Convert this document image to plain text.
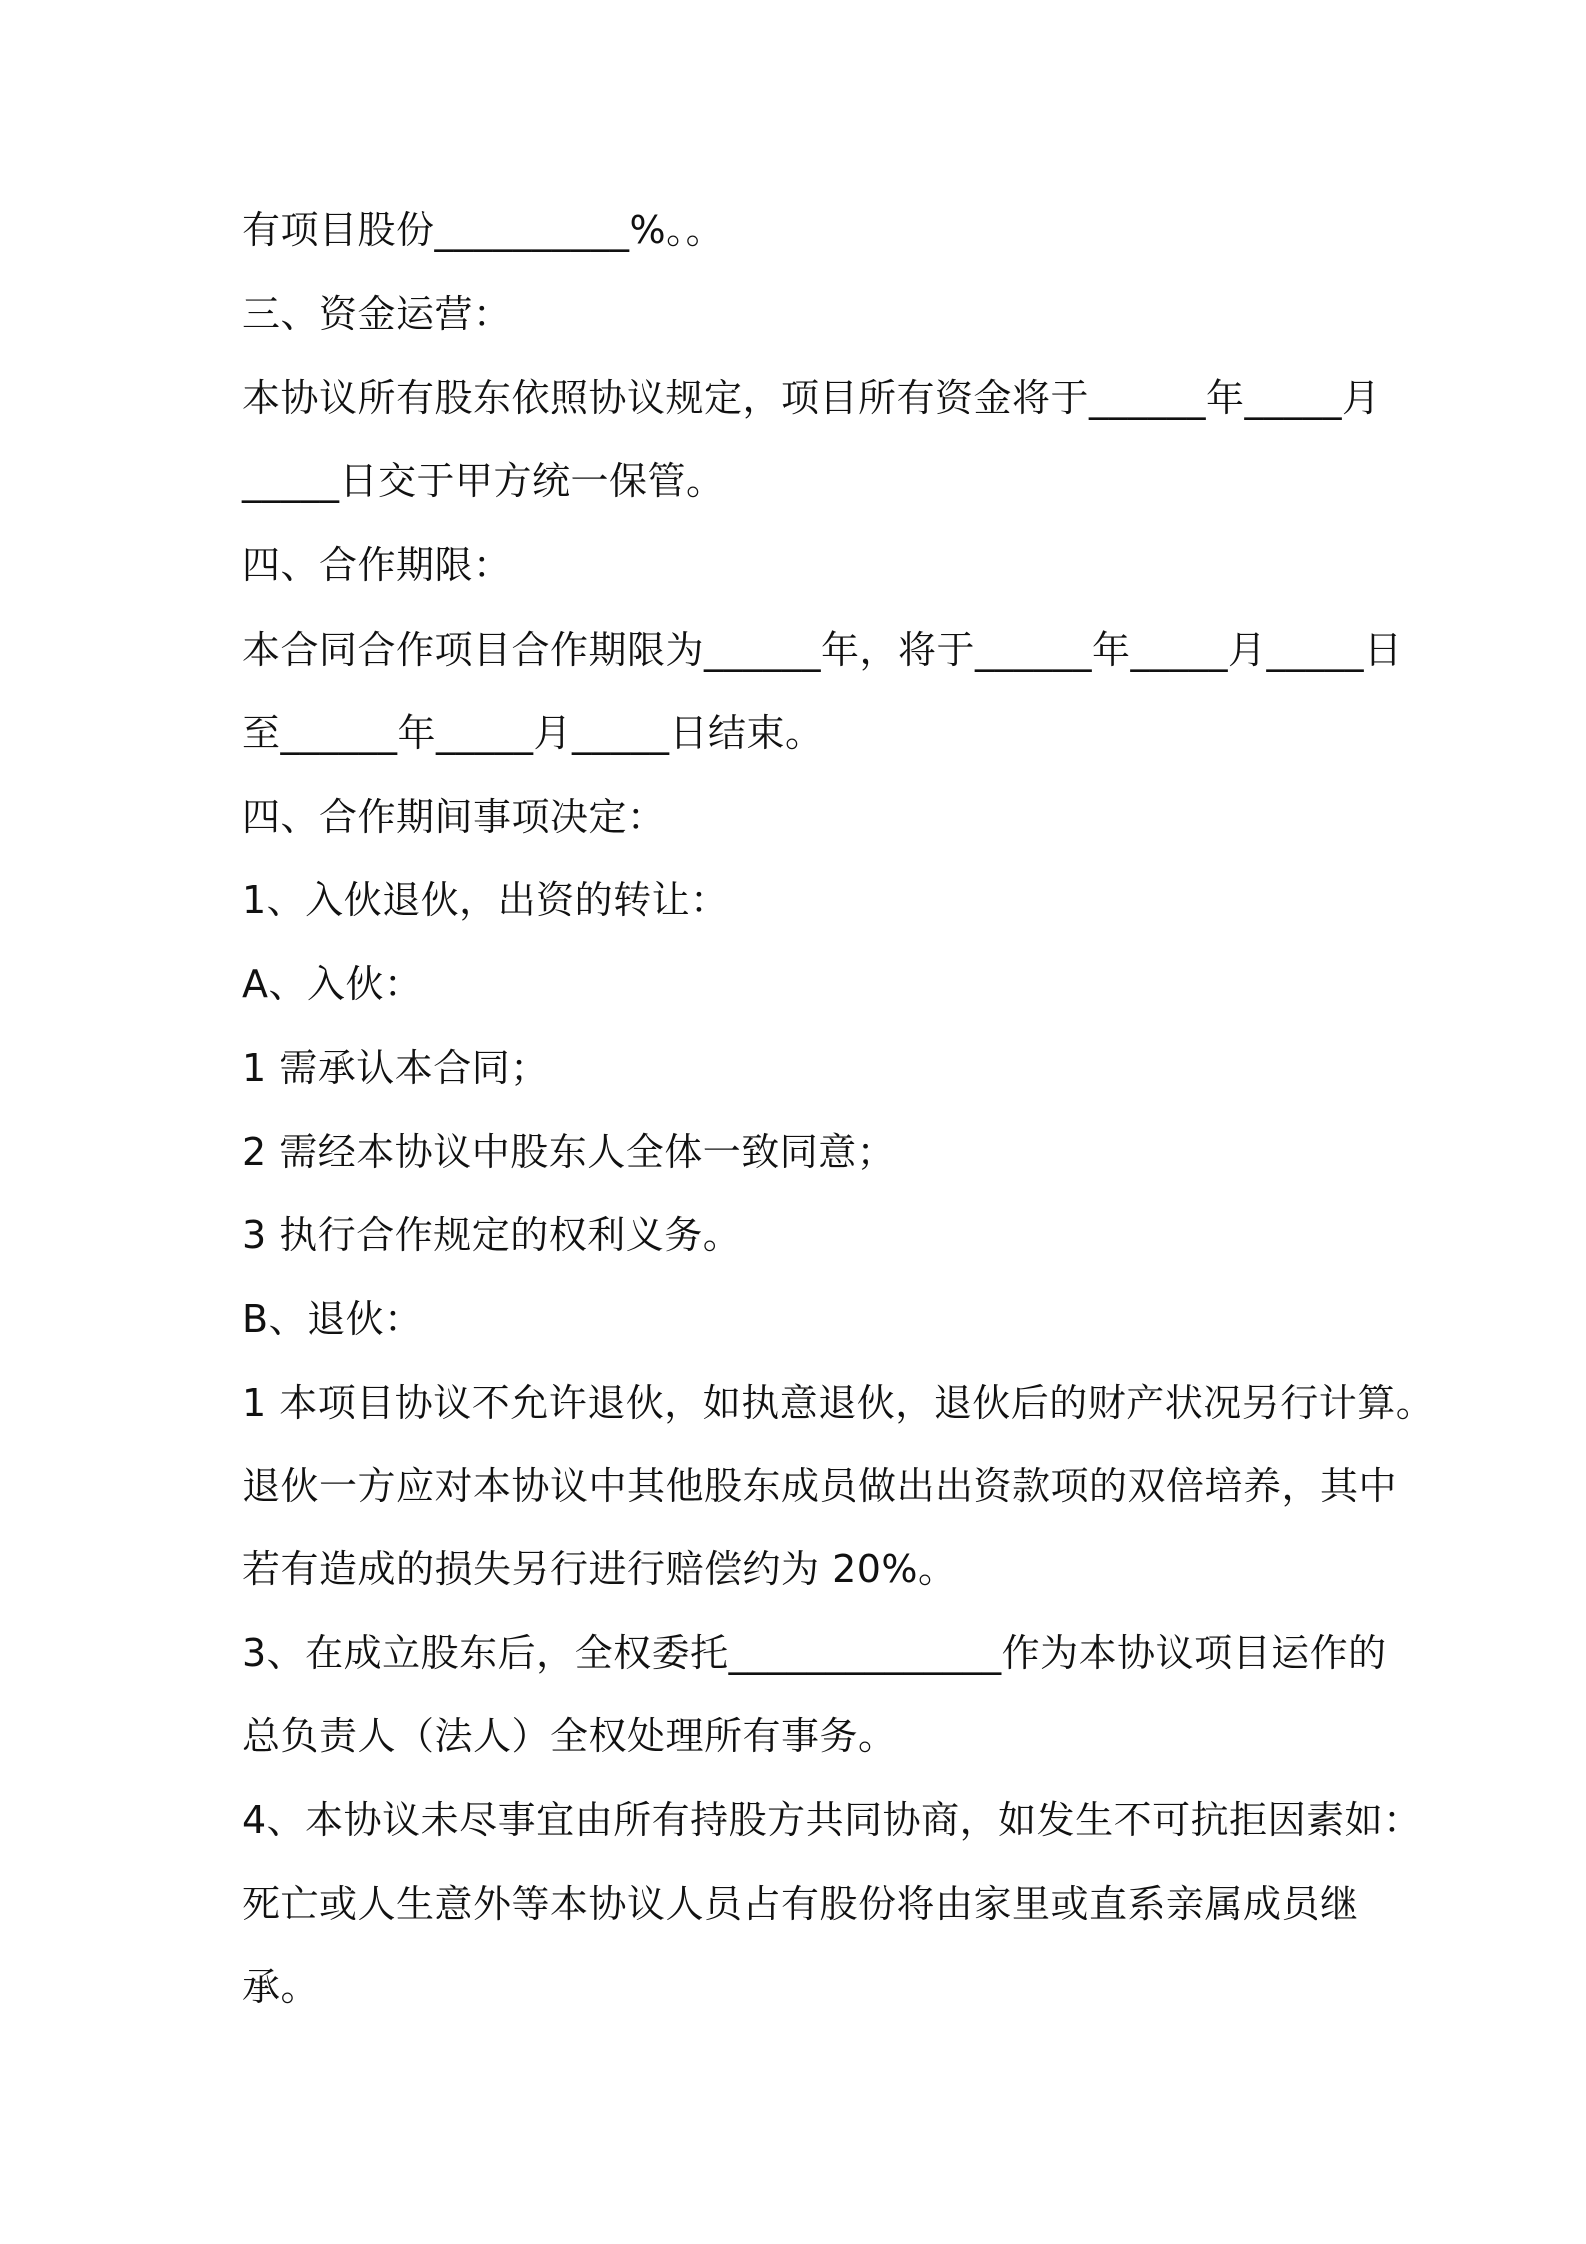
有项目股份__________%。。
三、资金运营：
本协议所有股东依照协议规定，项目所有资金将于______年_____月
_____日交于甲方统一保管。
四、合作期限：
本合同合作项目合作期限为______年，将于______年_____月_____日
至______年_____月_____日结束。
四、合作期间事项决定：
1、入伙退伙，出资的转让：
A、入伙：
1 需承认本合同；
2 需经本协议中股东人全体一致同意；
3 执行合作规定的权利义务。
B、退伙：
1 本项目协议不允许退伙，如执意退伙，退伙后的财产状况另行计算。
退伙一方应对本协议中其他股东成员做出出资款项的双倍培养，其中
若有造成的损失另行进行赔偿约为 20%。
3、在成立股东后，全权委托______________作为本协议项目运作的
总负责人（法人）全权处理所有事务。
4、本协议未尽事宜由所有持股方共同协商，如发生不可抗拒因素如：
死亡或人生意外等本协议人员占有股份将由家里或直系亲属成员继
承。
